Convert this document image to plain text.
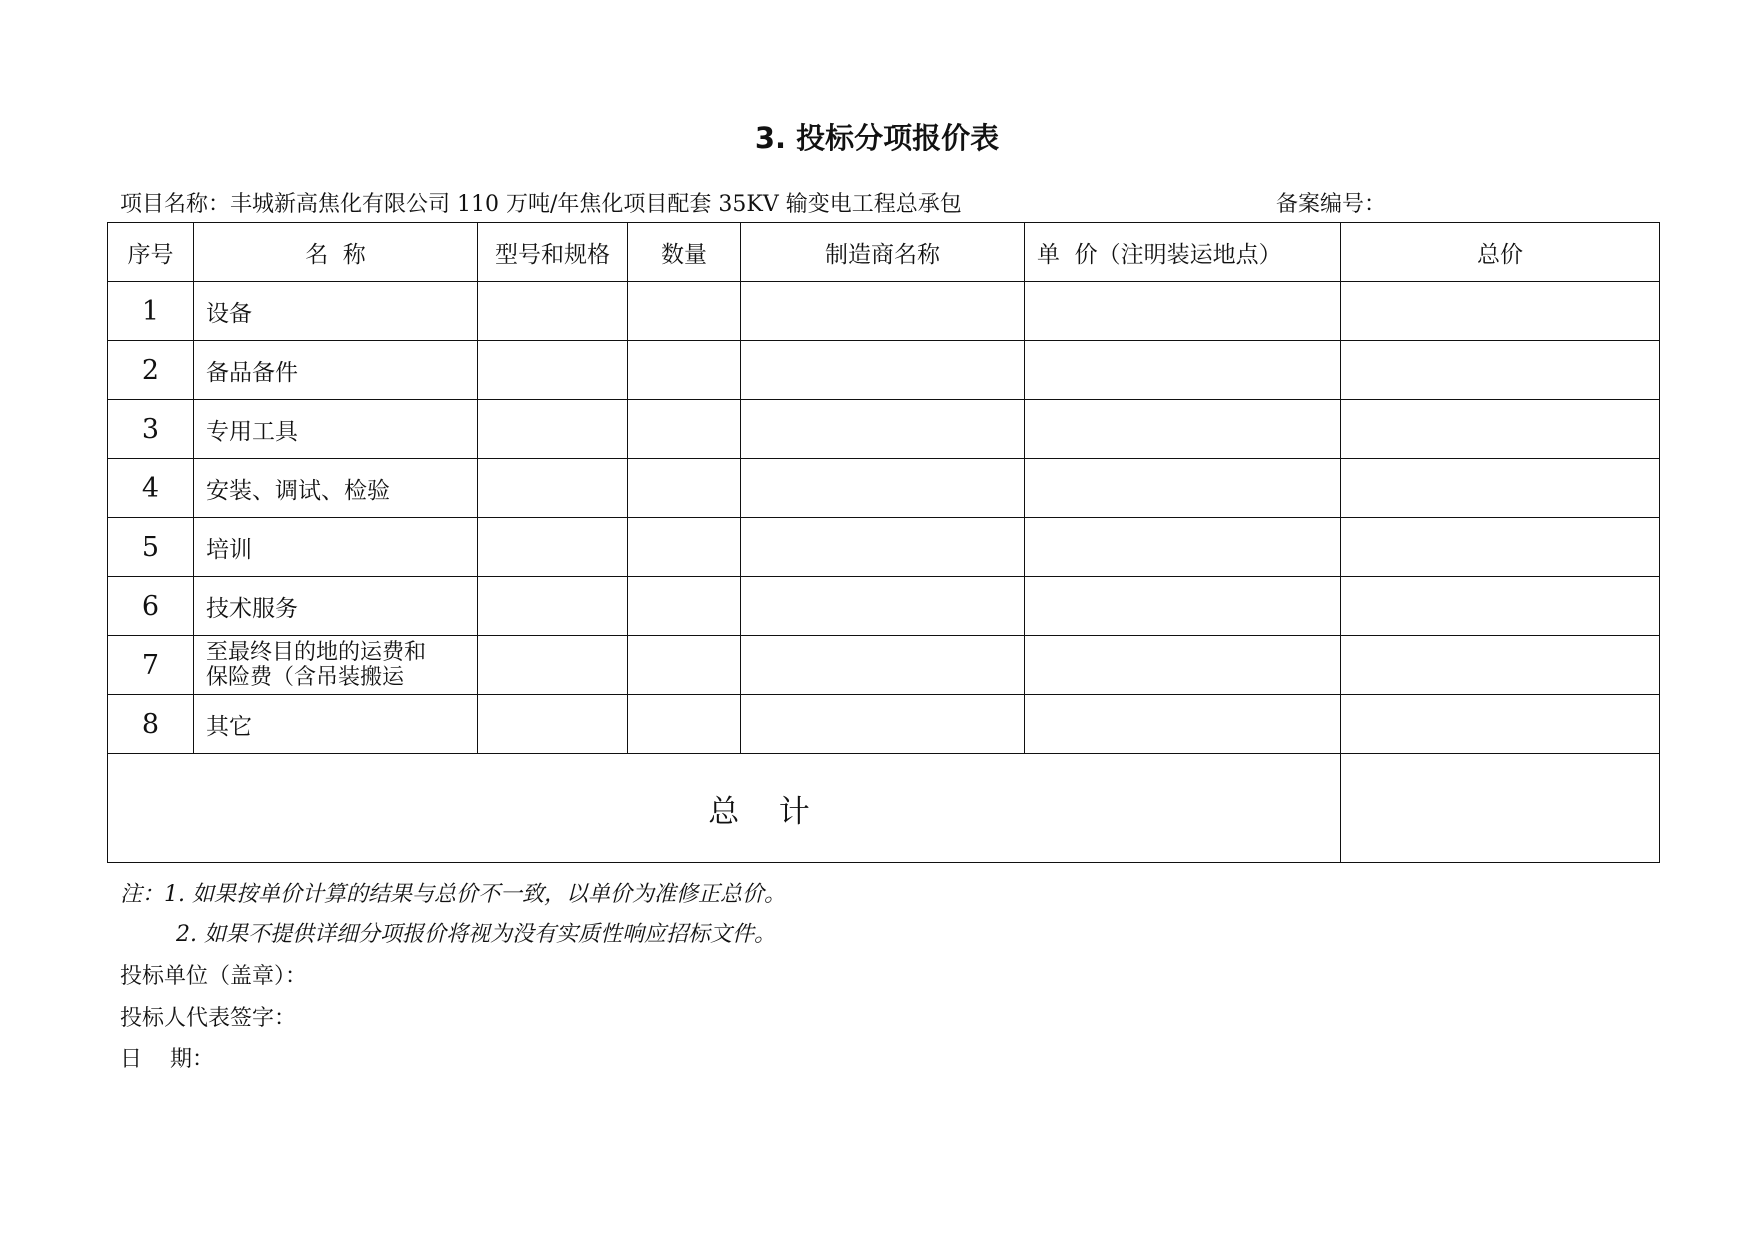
3. 投标分项报价表
项目名称：丰城新高焦化有限公司 110 万吨/年焦化项目配套 35KV 输变电工程总承包	备案编号：
序号	名  称	型号和规格	数量	制造商名称	单  价（注明装运地点）	总价
1	设备					
2	备品备件					
3	专用工具					
4	安装、调试、检验					
5	培训					
6	技术服务					
7	至最终目的地的运费和
保险费（含吊装搬运					

8	其它					
总    计						
注：1. 如果按单价计算的结果与总价不一致，以单价为准修正总价。
2. 如果不提供详细分项报价将视为没有实质性响应招标文件。
投标单位（盖章）：
投标人代表签字：
日    期：
